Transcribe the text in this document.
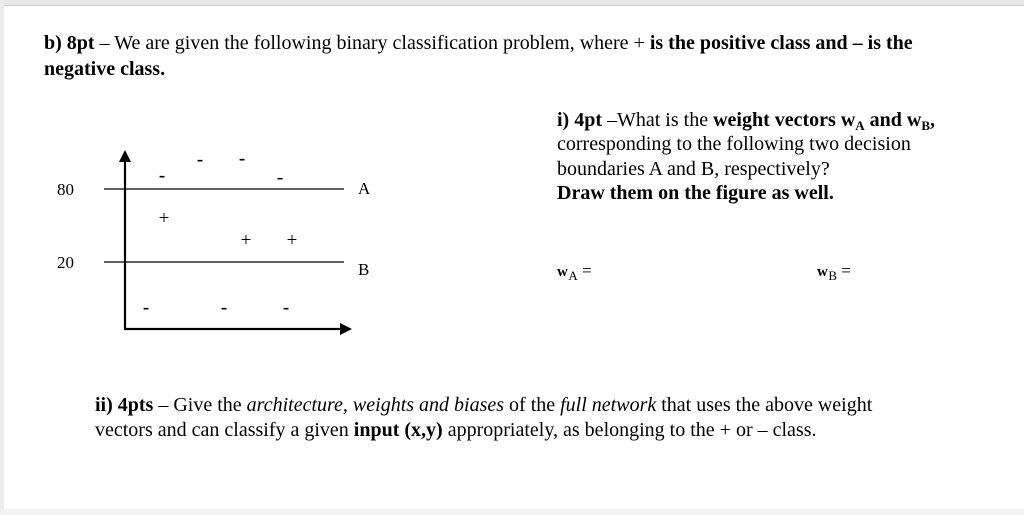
b) 8pt – We are given the following binary classification problem, where + is the positive class and – is the
negative class.
i) 4pt –What is the weight vectors $w_A$ and $w_B$,
corresponding to the following two decision
boundaries A and B, respectively?
Draw them on the figure as well.
$w_A$ =	$w_B$ =
ii) 4pts – Give the architecture, weights and biases of the full network that uses the above weight
vectors and can classify a given input (x,y) appropriately, as belonging to the + or – class.
A
B
80
20
-
- -
-
+
+ +
-	-	-
